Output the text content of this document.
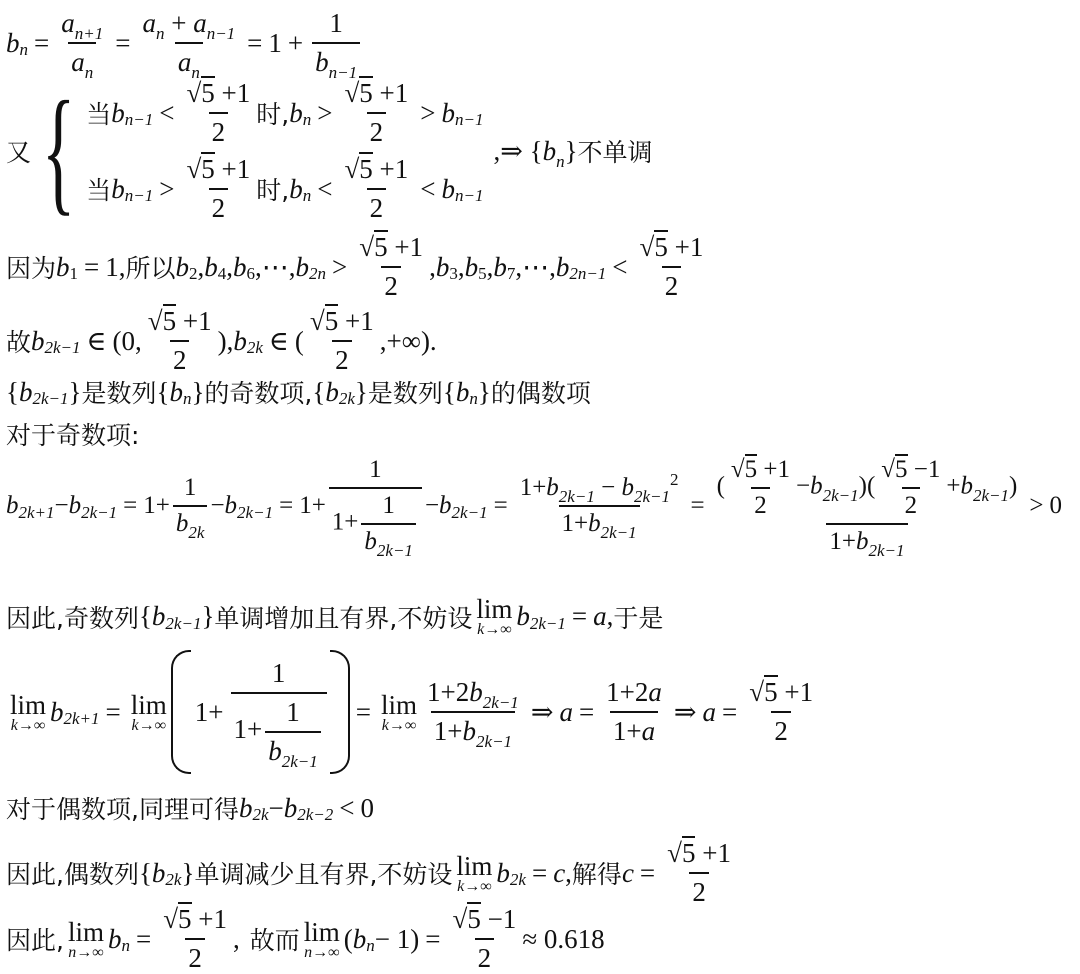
b $n = \frac{a_{n+1}}{a_n} = \frac{a_n + a_{n-1}}{a_n} = 1 + \frac{1}{b_{n-1}}$
又 { 当 b $n-1 < \frac{√5 +1}{2}$ 时, b $n > \frac{√5 +1}{2} > b$ n−1
当 b $n-1 > \frac{√5 +1}{2}$ 时, b $n < \frac{√5 +1}{2} < b$ n−1
,⇒ $\{b_n\}$ 不单调
因为 b 1 = 1, 所以 b 2 , b 4 , b 6 ,⋯, b $2n > \frac{√5 +1}{2}$ , b 3 , b 5 , b 7 ,⋯, b $2n-1 < \frac{√5 +1}{2}$
故 b 2k−1 ∈ (0, $\frac{√5 +1}{2}$ ), b 2k ∈ ( $\frac{√5 +1}{2}$ ,+∞).
{ b 2k−1 } 是数列 { b n } 的奇数项, { b 2k } 是数列 { b n } 的偶数项
对于奇数项:
b 2k+1 − b $2k-1 = 1+ \frac{1}{b_{2k}} - b$ $2k-1 = 1+ \frac{1}{1+ \frac{1}{b_{2k-1}}} - b$ $2k-1 = \frac{1+b_{2k-1} - b_{2k-1}^2}{1+b_{2k-1}} = \frac{( \frac{√5 +1}{2} -b_{2k-1})( \frac{√5 -1}{2} +b_{2k-1})}{1+b_{2k-1}} > 0$
因此,奇数列 { b 2k−1 } 单调增加且有界,不妨设 lim
k→∞ b 2k−1 = a , 于是
lim
k→∞ b 2k+1 = lim
k→∞ $1+ \frac{1}{1+ \frac{1}{b_{2k-1}}} = \lim$
$k\to\infty \frac{1+2b_{2k-1}}{1+b_{2k-1}}$ ⇒ $a = \frac{1+2a}{1+a}$ ⇒ $a = \frac{√5 +1}{2}$
对于偶数项,同理可得 b 2k − b 2k−2 < 0
因此,偶数列 { b 2k } 单调减少且有界,不妨设 lim
k→∞ b 2k = c , 解得 $c = \frac{√5 +1}{2}$
因此, lim
n→∞ b $n = \frac{√5 +1}{2}$ , 故而 lim
n→∞ ( b $n - 1) = \frac{√5 -1}{2} \approx 0.618$
